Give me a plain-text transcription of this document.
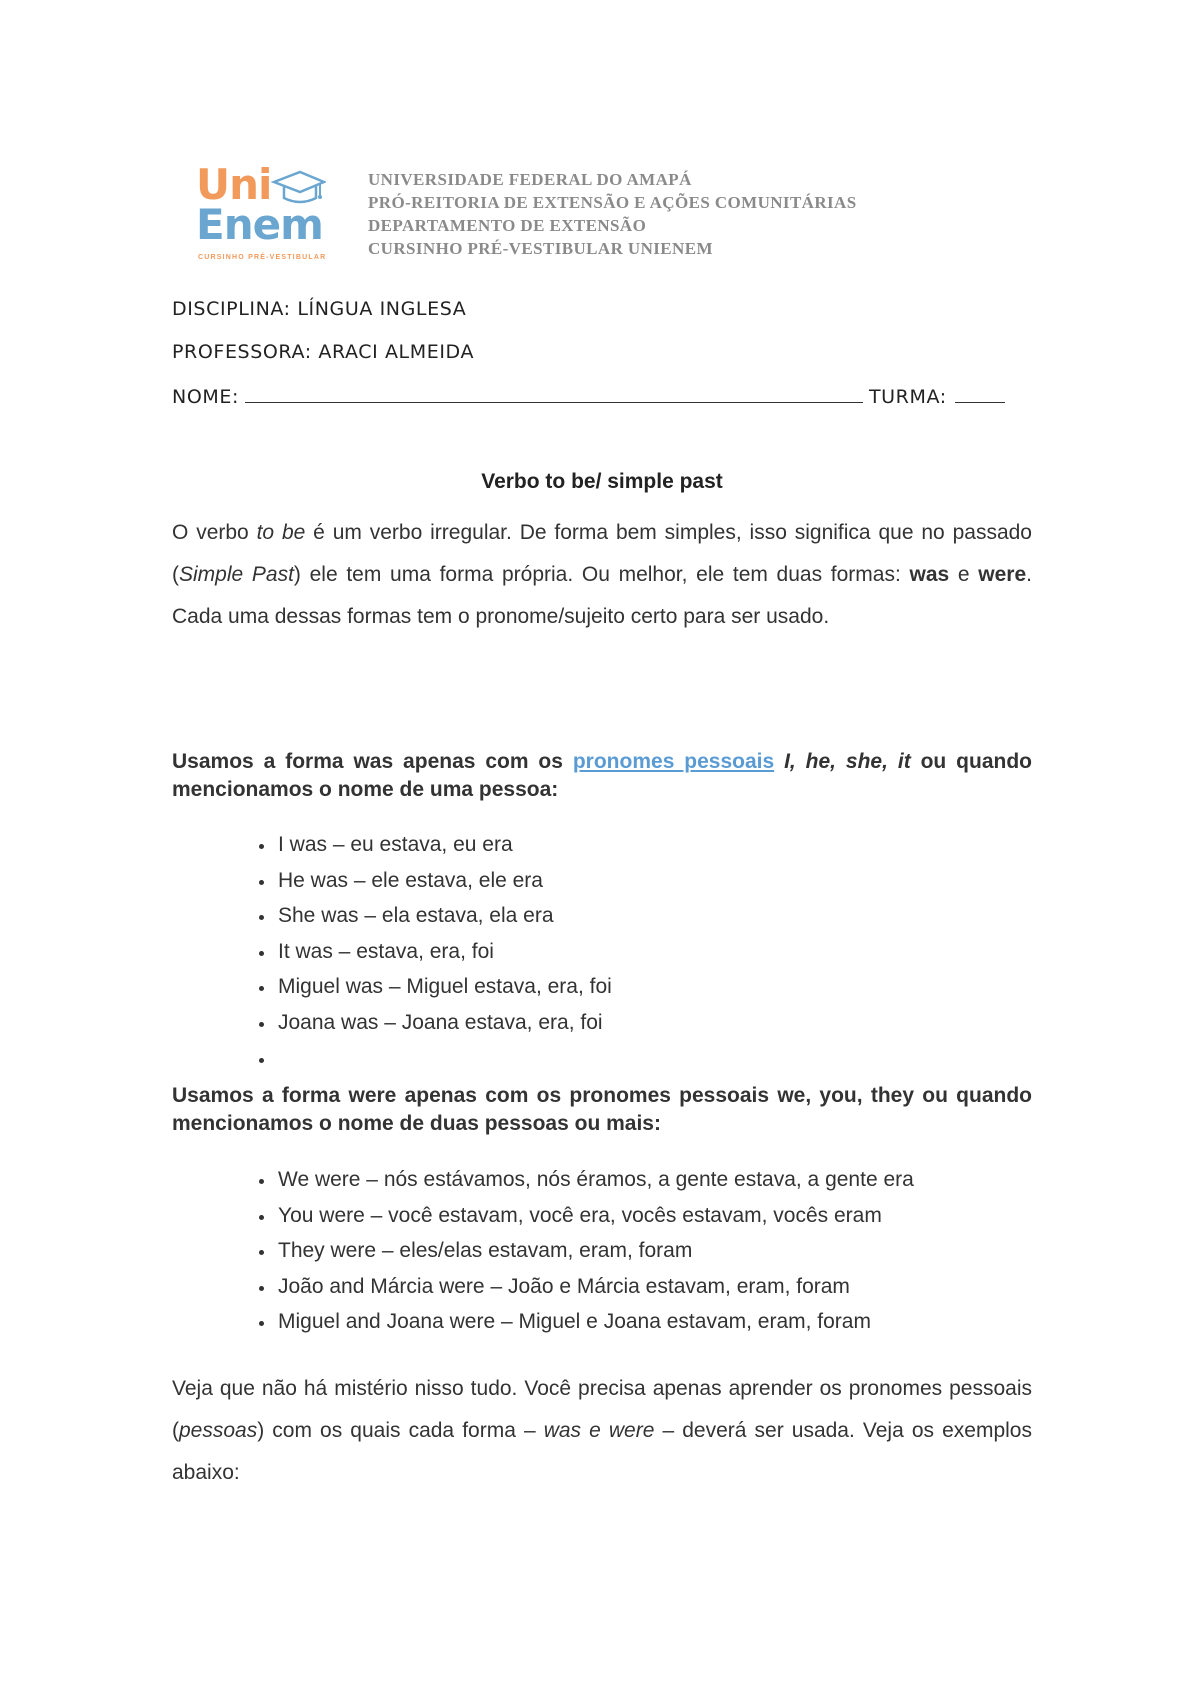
Uni
Enem
CURSINHO PRÉ-VESTIBULAR
UNIVERSIDADE FEDERAL DO AMAPÁ
PRÓ-REITORIA DE EXTENSÃO E AÇÕES COMUNITÁRIAS
DEPARTAMENTO DE EXTENSÃO
CURSINHO PRÉ-VESTIBULAR UNIENEM
DISCIPLINA: LÍNGUA INGLESA
PROFESSORA: ARACI ALMEIDA
NOME:	TURMA:
Verbo to be/ simple past
O verbo to be é um verbo irregular. De forma bem simples, isso significa que no passado (Simple Past) ele tem uma forma própria. Ou melhor, ele tem duas formas: was e were. Cada uma dessas formas tem o pronome/sujeito certo para ser usado.
Usamos a forma was apenas com os pronomes pessoais I, he, she, it ou quando mencionamos o nome de uma pessoa:
• I was – eu estava, eu era
• He was – ele estava, ele era
• She was – ela estava, ela era
• It was – estava, era, foi
• Miguel was – Miguel estava, era, foi
• Joana was – Joana estava, era, foi
•
Usamos a forma were apenas com os pronomes pessoais we, you, they ou quando mencionamos o nome de duas pessoas ou mais:
• We were – nós estávamos, nós éramos, a gente estava, a gente era
• You were – você estavam, você era, vocês estavam, vocês eram
• They were – eles/elas estavam, eram, foram
• João and Márcia were – João e Márcia estavam, eram, foram
• Miguel and Joana were – Miguel e Joana estavam, eram, foram
Veja que não há mistério nisso tudo. Você precisa apenas aprender os pronomes pessoais (pessoas) com os quais cada forma – was e were – deverá ser usada. Veja os exemplos abaixo:
